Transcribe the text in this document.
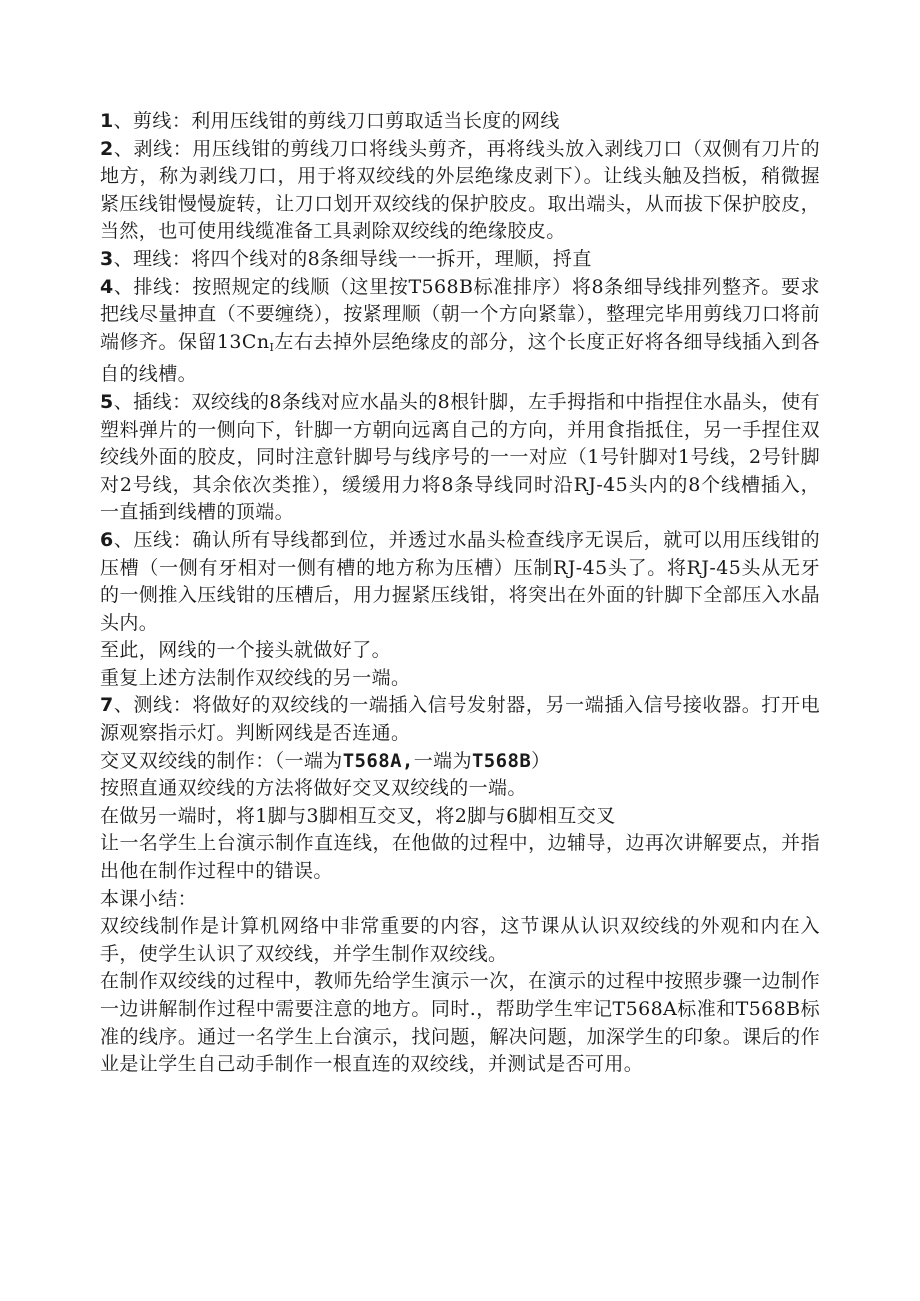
1、剪线：利用压线钳的剪线刀口剪取适当长度的网线

2、剥线：用压线钳的剪线刀口将线头剪齐，再将线头放入剥线刀口（双侧有刀片的地方，称为剥线刀口，用于将双绞线的外层绝缘皮剥下）。让线头触及挡板，稍微握紧压线钳慢慢旋转，让刀口划开双绞线的保护胶皮。取出端头，从而拔下保护胶皮，当然，也可使用线缆准备工具剥除双绞线的绝缘胶皮。

3、理线：将四个线对的8条细导线一一拆开，理顺，捋直

4、排线：按照规定的线顺（这里按T568B标准排序）将8条细导线排列整齐。要求把线尽量抻直（不要缠绕），按紧理顺（朝一个方向紧靠），整理完毕用剪线刀口将前端修齐。保留$13Cn_I$左右去掉外层绝缘皮的部分，这个长度正好将各细导线插入到各自的线槽。

5、插线：双绞线的8条线对应水晶头的8根针脚，左手拇指和中指捏住水晶头，使有塑料弹片的一侧向下，针脚一方朝向远离自己的方向，并用食指抵住，另一手捏住双绞线外面的胶皮，同时注意针脚号与线序号的一一对应（1号针脚对1号线，2号针脚对2号线，其余依次类推），缓缓用力将8条导线同时沿RJ-45头内的8个线槽插入，一直插到线槽的顶端。

6、压线：确认所有导线都到位，并透过水晶头检查线序无误后，就可以用压线钳的压槽（一侧有牙相对一侧有槽的地方称为压槽）压制RJ-45头了。将RJ-45头从无牙的一侧推入压线钳的压槽后，用力握紧压线钳，将突出在外面的针脚下全部压入水晶头内。

至此，网线的一个接头就做好了。

重复上述方法制作双绞线的另一端。

7、测线：将做好的双绞线的一端插入信号发射器，另一端插入信号接收器。打开电源观察指示灯。判断网线是否连通。

交叉双绞线的制作：（一端为T568A,一端为T568B）

按照直通双绞线的方法将做好交叉双绞线的一端。

在做另一端时，将1脚与3脚相互交叉，将2脚与6脚相互交叉

让一名学生上台演示制作直连线，在他做的过程中，边辅导，边再次讲解要点，并指出他在制作过程中的错误。

本课小结：

双绞线制作是计算机网络中非常重要的内容，这节课从认识双绞线的外观和内在入手，使学生认识了双绞线，并学生制作双绞线。

在制作双绞线的过程中，教师先给学生演示一次，在演示的过程中按照步骤一边制作一边讲解制作过程中需要注意的地方。同时.，帮助学生牢记T568A标准和T568B标准的线序。通过一名学生上台演示，找问题，解决问题，加深学生的印象。课后的作业是让学生自己动手制作一根直连的双绞线，并测试是否可用。
